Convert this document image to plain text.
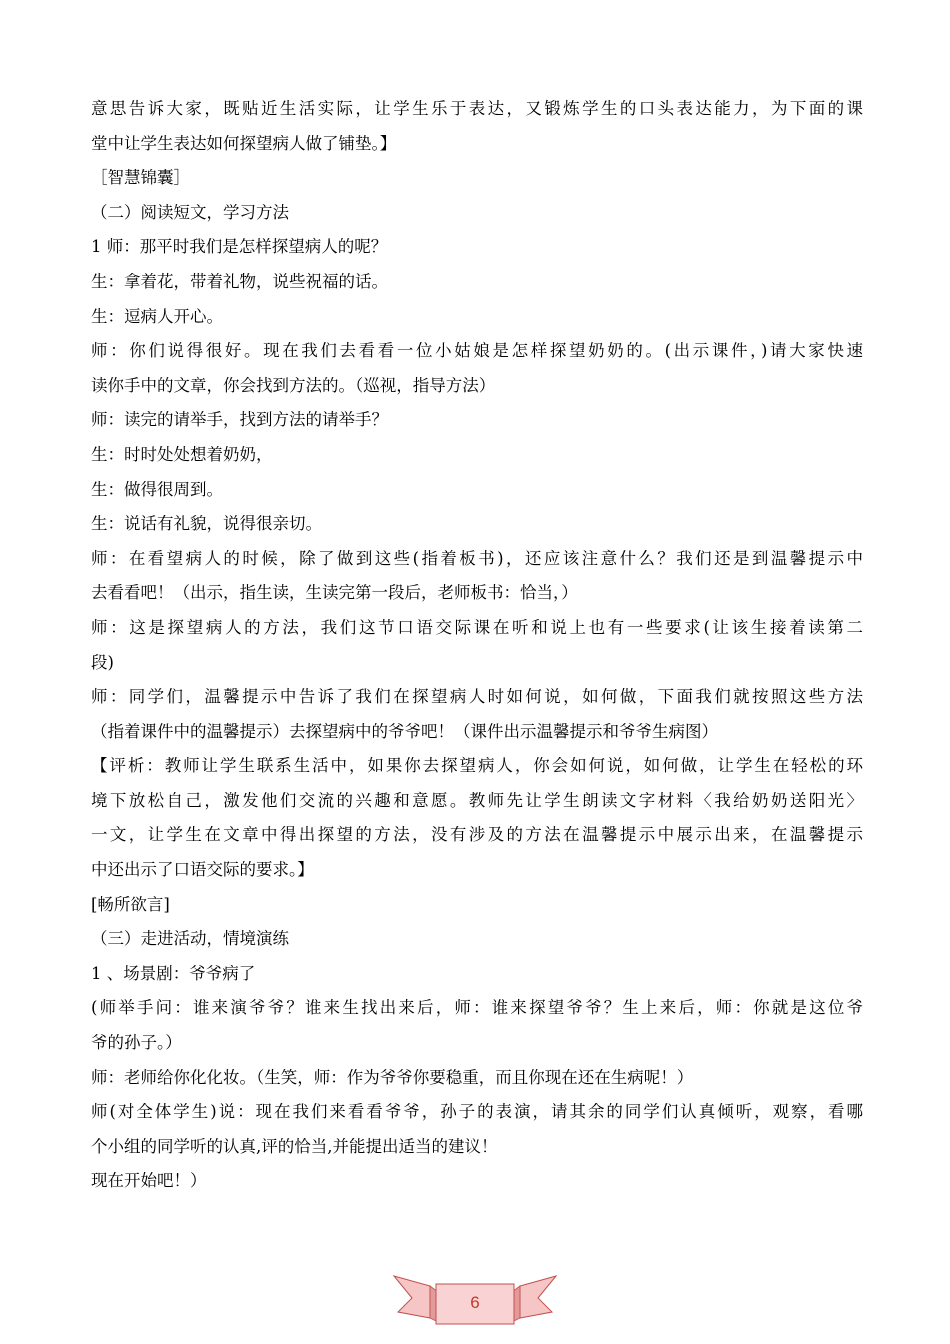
意思告诉大家，既贴近生活实际，让学生乐于表达，又锻炼学生的口头表达能力，为下面的课
堂中让学生表达如何探望病人做了铺垫。】
［智慧锦囊］
（二）阅读短文，学习方法
1 师：那平时我们是怎样探望病人的呢？
生：拿着花，带着礼物，说些祝福的话。
生：逗病人开心。
师：你们说得很好。现在我们去看看一位小姑娘是怎样探望奶奶的。(出示课件，)请大家快速
读你手中的文章，你会找到方法的。（巡视，指导方法）
师：读完的请举手，找到方法的请举手？
生：时时处处想着奶奶，
生：做得很周到。
生：说话有礼貌，说得很亲切。
师：在看望病人的时候，除了做到这些(指着板书)，还应该注意什么？我们还是到温馨提示中
去看看吧！（出示，指生读，生读完第一段后，老师板书：恰当，）
师：这是探望病人的方法，我们这节口语交际课在听和说上也有一些要求(让该生接着读第二
段)
师：同学们，温馨提示中告诉了我们在探望病人时如何说，如何做，下面我们就按照这些方法
（指着课件中的温馨提示）去探望病中的爷爷吧！（课件出示温馨提示和爷爷生病图）
【评析：教师让学生联系生活中，如果你去探望病人，你会如何说，如何做，让学生在轻松的环
境下放松自己，激发他们交流的兴趣和意愿。教师先让学生朗读文字材料〈我给奶奶送阳光〉
一文，让学生在文章中得出探望的方法，没有涉及的方法在温馨提示中展示出来，在温馨提示
中还出示了口语交际的要求。】
[畅所欲言]
（三）走进活动，情境演练
1 、场景剧：爷爷病了
(师举手问：谁来演爷爷？谁来生找出来后，师：谁来探望爷爷？生上来后，师：你就是这位爷
爷的孙子。）
师：老师给你化化妆。（生笑，师：作为爷爷你要稳重，而且你现在还在生病呢！）
师(对全体学生)说：现在我们来看看爷爷，孙子的表演，请其余的同学们认真倾听，观察，看哪
个小组的同学听的认真,评的恰当,并能提出适当的建议！
现在开始吧！）
6
